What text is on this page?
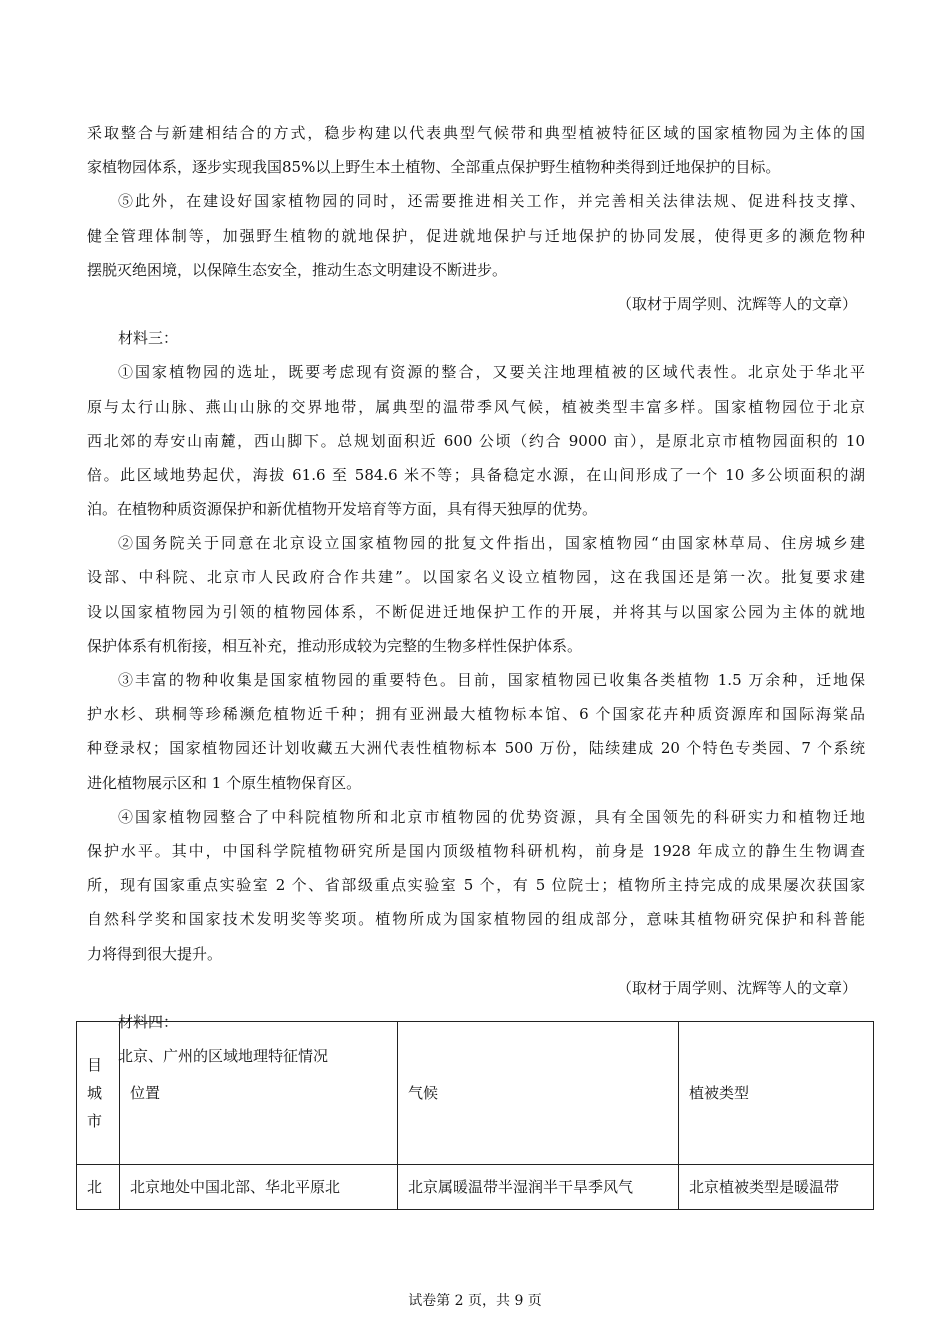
采取整合与新建相结合的方式，稳步构建以代表典型气候带和典型植被特征区域的国家植物园为主体的国
家植物园体系，逐步实现我国85%以上野生本土植物、全部重点保护野生植物种类得到迁地保护的目标。
⑤此外，在建设好国家植物园的同时，还需要推进相关工作，并完善相关法律法规、促进科技支撑、
健全管理体制等，加强野生植物的就地保护，促进就地保护与迁地保护的协同发展，使得更多的濒危物种
摆脱灭绝困境，以保障生态安全，推动生态文明建设不断进步。
（取材于周学则、沈辉等人的文章）
材料三：
①国家植物园的选址，既要考虑现有资源的整合，又要关注地理植被的区域代表性。北京处于华北平
原与太行山脉、燕山山脉的交界地带，属典型的温带季风气候，植被类型丰富多样。国家植物园位于北京
西北郊的寿安山南麓，西山脚下。总规划面积近 600 公顷（约合 9000 亩），是原北京市植物园面积的 10
倍。此区域地势起伏，海拔 61.6 至 584.6 米不等；具备稳定水源，在山间形成了一个 10 多公顷面积的湖
泊。在植物种质资源保护和新优植物开发培育等方面，具有得天独厚的优势。
②国务院关于同意在北京设立国家植物园的批复文件指出，国家植物园“由国家林草局、住房城乡建
设部、中科院、北京市人民政府合作共建”。以国家名义设立植物园，这在我国还是第一次。批复要求建
设以国家植物园为引领的植物园体系，不断促进迁地保护工作的开展，并将其与以国家公园为主体的就地
保护体系有机衔接，相互补充，推动形成较为完整的生物多样性保护体系。
③丰富的物种收集是国家植物园的重要特色。目前，国家植物园已收集各类植物 1.5 万余种，迁地保
护水杉、珙桐等珍稀濒危植物近千种；拥有亚洲最大植物标本馆、6 个国家花卉种质资源库和国际海棠品
种登录权；国家植物园还计划收藏五大洲代表性植物标本 500 万份，陆续建成 20 个特色专类园、7 个系统
进化植物展示区和 1 个原生植物保育区。
④国家植物园整合了中科院植物所和北京市植物园的优势资源，具有全国领先的科研实力和植物迁地
保护水平。其中，中国科学院植物研究所是国内顶级植物科研机构，前身是 1928 年成立的静生生物调查
所，现有国家重点实验室 2 个、省部级重点实验室 5 个，有 5 位院士；植物所主持完成的成果屡次获国家
自然科学奖和国家技术发明奖等奖项。植物所成为国家植物园的组成部分，意味其植物研究保护和科普能
力将得到很大提升。
（取材于周学则、沈辉等人的文章）
材料四：
北京、广州的区域地理特征情况
目城市	位置	气候	植被类型
北	北京地处中国北部、华北平原北	北京属暖温带半湿润半干旱季风气	北京植被类型是暖温带
试卷第 2 页，共 9 页
